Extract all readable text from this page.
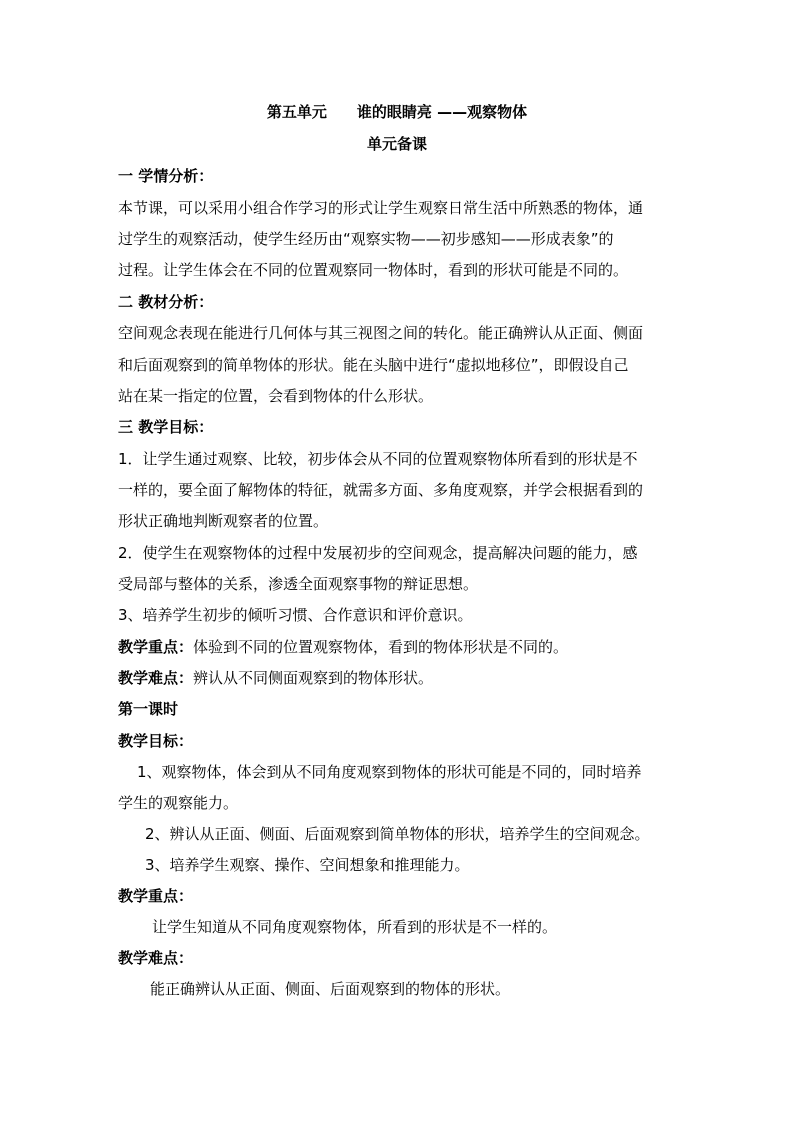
第五单元　　谁的眼睛亮 ——观察物体
单元备课
一 学情分析：
本节课，可以采用小组合作学习的形式让学生观察日常生活中所熟悉的物体，通
过学生的观察活动，使学生经历由“观察实物——初步感知——形成表象”的
过程。让学生体会在不同的位置观察同一物体时，看到的形状可能是不同的。
二 教材分析：
空间观念表现在能进行几何体与其三视图之间的转化。能正确辨认从正面、侧面
和后面观察到的简单物体的形状。能在头脑中进行“虚拟地移位”，即假设自己
站在某一指定的位置，会看到物体的什么形状。
三 教学目标：
1．让学生通过观察、比较，初步体会从不同的位置观察物体所看到的形状是不
一样的，要全面了解物体的特征，就需多方面、多角度观察，并学会根据看到的
形状正确地判断观察者的位置。
2．使学生在观察物体的过程中发展初步的空间观念，提高解决问题的能力，感
受局部与整体的关系，渗透全面观察事物的辩证思想。
3、培养学生初步的倾听习惯、合作意识和评价意识。
教学重点：体验到不同的位置观察物体，看到的物体形状是不同的。
教学难点：辨认从不同侧面观察到的物体形状。
第一课时
教学目标：
1、观察物体，体会到从不同角度观察到物体的形状可能是不同的，同时培养
学生的观察能力。
2、辨认从正面、侧面、后面观察到简单物体的形状，培养学生的空间观念。
3、培养学生观察、操作、空间想象和推理能力。
教学重点：
让学生知道从不同角度观察物体，所看到的形状是不一样的。
教学难点：
能正确辨认从正面、侧面、后面观察到的物体的形状。
